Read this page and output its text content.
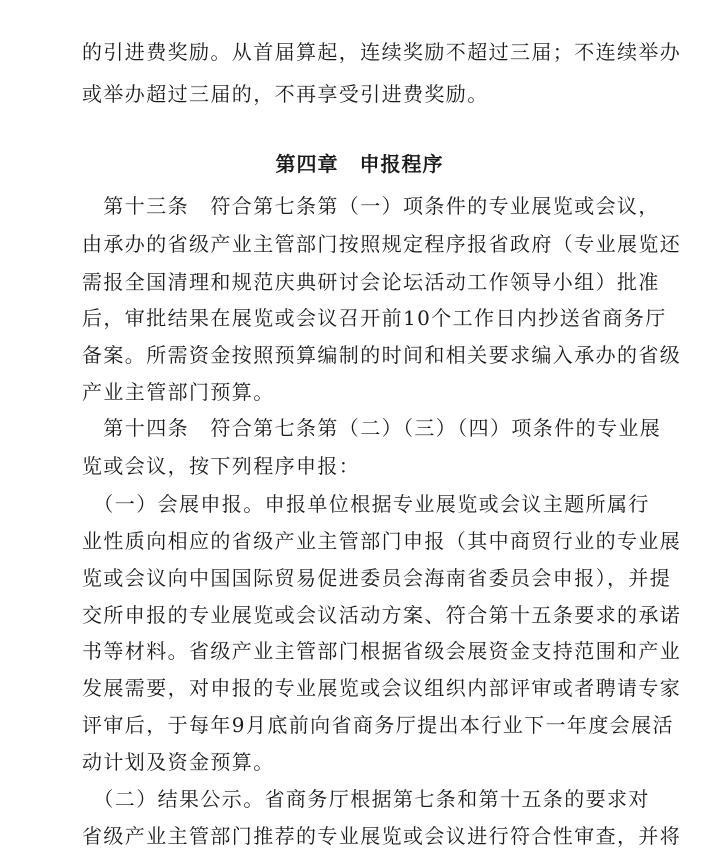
的引进费奖励。从首届算起，连续奖励不超过三届；不连续举办
或举办超过三届的，不再享受引进费奖励。
第四章　申报程序
　第十三条　符合第七条第（一）项条件的专业展览或会议，
由承办的省级产业主管部门按照规定程序报省政府（专业展览还
需报全国清理和规范庆典研讨会论坛活动工作领导小组）批准
后，审批结果在展览或会议召开前10个工作日内抄送省商务厅
备案。所需资金按照预算编制的时间和相关要求编入承办的省级
产业主管部门预算。
　第十四条　符合第七条第（二）（三）（四）项条件的专业展
览或会议，按下列程序申报：
　（一）会展申报。申报单位根据专业展览或会议主题所属行
业性质向相应的省级产业主管部门申报（其中商贸行业的专业展
览或会议向中国国际贸易促进委员会海南省委员会申报），并提
交所申报的专业展览或会议活动方案、符合第十五条要求的承诺
书等材料。省级产业主管部门根据省级会展资金支持范围和产业
发展需要，对申报的专业展览或会议组织内部评审或者聘请专家
评审后，于每年9月底前向省商务厅提出本行业下一年度会展活
动计划及资金预算。
　（二）结果公示。省商务厅根据第七条和第十五条的要求对
省级产业主管部门推荐的专业展览或会议进行符合性审查，并将
